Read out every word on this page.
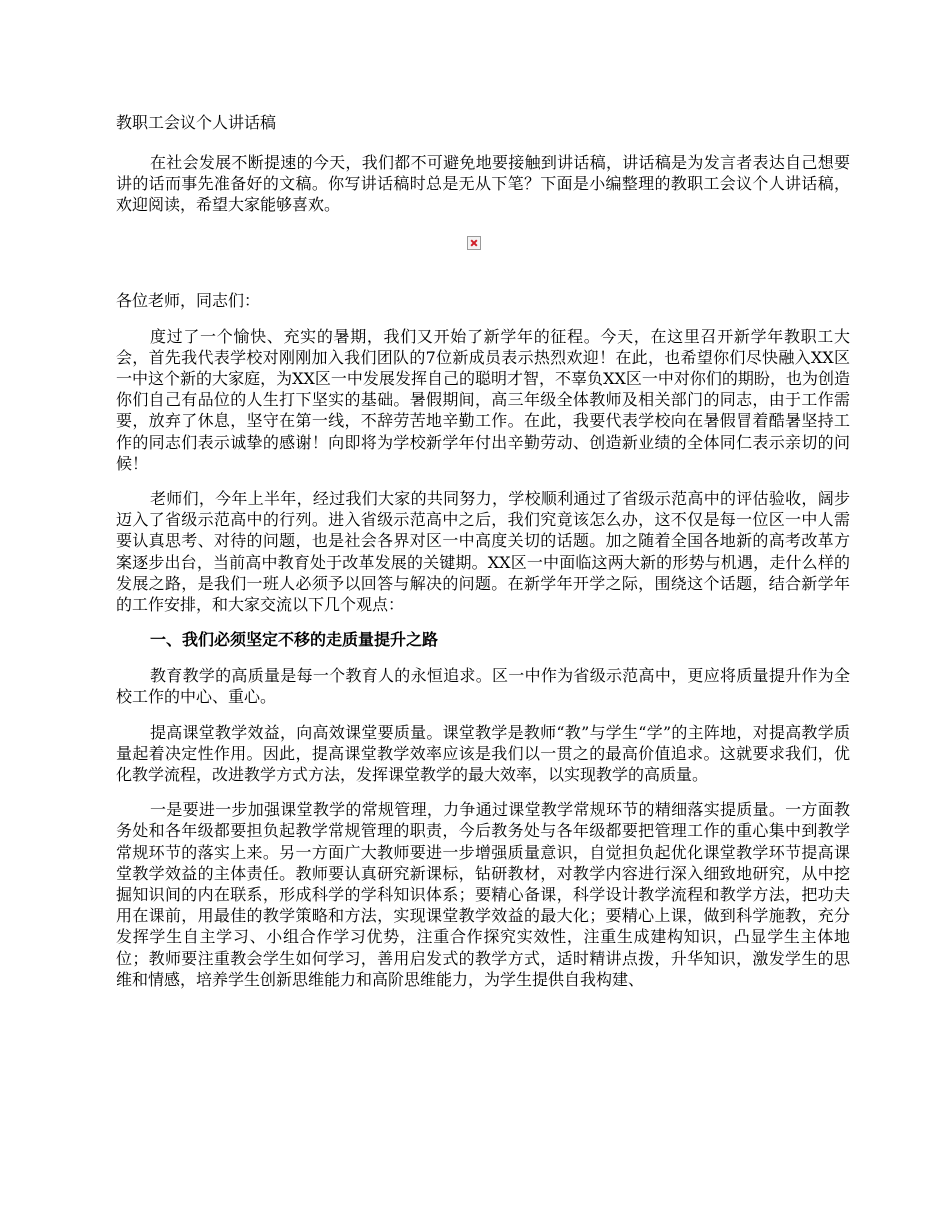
教职工会议个人讲话稿
在社会发展不断提速的今天，我们都不可避免地要接触到讲话稿，讲话稿是为发言者表达自己想要讲的话而事先准备好的文稿。你写讲话稿时总是无从下笔？下面是小编整理的教职工会议个人讲话稿，欢迎阅读，希望大家能够喜欢。
各位老师，同志们：
度过了一个愉快、充实的暑期，我们又开始了新学年的征程。今天，在这里召开新学年教职工大会，首先我代表学校对刚刚加入我们团队的7位新成员表示热烈欢迎！在此，也希望你们尽快融入XX区一中这个新的大家庭，为XX区一中发展发挥自己的聪明才智，不辜负XX区一中对你们的期盼，也为创造你们自己有品位的人生打下坚实的基础。暑假期间，高三年级全体教师及相关部门的同志，由于工作需要，放弃了休息，坚守在第一线，不辞劳苦地辛勤工作。在此，我要代表学校向在暑假冒着酷暑坚持工作的同志们表示诚挚的感谢！向即将为学校新学年付出辛勤劳动、创造新业绩的全体同仁表示亲切的问候！
老师们，今年上半年，经过我们大家的共同努力，学校顺利通过了省级示范高中的评估验收，阔步迈入了省级示范高中的行列。进入省级示范高中之后，我们究竟该怎么办，这不仅是每一位区一中人需要认真思考、对待的问题，也是社会各界对区一中高度关切的话题。加之随着全国各地新的高考改革方案逐步出台，当前高中教育处于改革发展的关键期。XX区一中面临这两大新的形势与机遇，走什么样的发展之路，是我们一班人必须予以回答与解决的问题。在新学年开学之际，围绕这个话题，结合新学年的工作安排，和大家交流以下几个观点：
一、我们必须坚定不移的走质量提升之路
教育教学的高质量是每一个教育人的永恒追求。区一中作为省级示范高中，更应将质量提升作为全校工作的中心、重心。
提高课堂教学效益，向高效课堂要质量。课堂教学是教师“教”与学生“学”的主阵地，对提高教学质量起着决定性作用。因此，提高课堂教学效率应该是我们以一贯之的最高价值追求。这就要求我们，优化教学流程，改进教学方式方法，发挥课堂教学的最大效率，以实现教学的高质量。
一是要进一步加强课堂教学的常规管理，力争通过课堂教学常规环节的精细落实提质量。一方面教务处和各年级都要担负起教学常规管理的职责，今后教务处与各年级都要把管理工作的重心集中到教学常规环节的落实上来。另一方面广大教师要进一步增强质量意识，自觉担负起优化课堂教学环节提高课堂教学效益的主体责任。教师要认真研究新课标，钻研教材，对教学内容进行深入细致地研究，从中挖掘知识间的内在联系，形成科学的学科知识体系；要精心备课，科学设计教学流程和教学方法，把功夫用在课前，用最佳的教学策略和方法，实现课堂教学效益的最大化；要精心上课，做到科学施教，充分发挥学生自主学习、小组合作学习优势，注重合作探究实效性，注重生成建构知识，凸显学生主体地位；教师要注重教会学生如何学习，善用启发式的教学方式，适时精讲点拨，升华知识，激发学生的思维和情感，培养学生创新思维能力和高阶思维能力，为学生提供自我构建、
